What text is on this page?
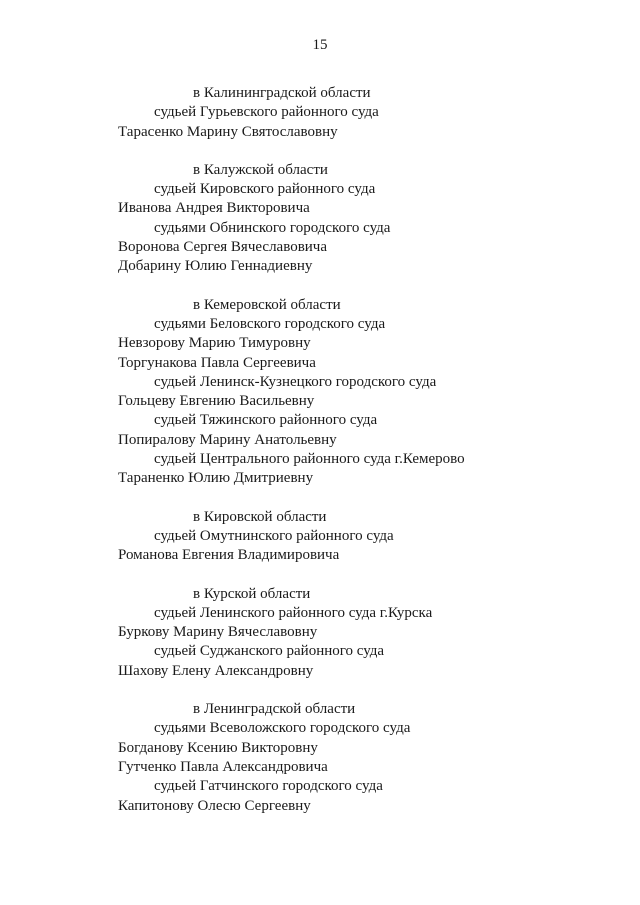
15
в Калининградской области
судьей Гурьевского районного суда
Тарасенко Марину Святославовну
в Калужской области
судьей Кировского районного суда
Иванова Андрея Викторовича
судьями Обнинского городского суда
Воронова Сергея Вячеславовича
Добарину Юлию Геннадиевну
в Кемеровской области
судьями Беловского городского суда
Невзорову Марию Тимуровну
Торгунакова Павла Сергеевича
судьей Ленинск-Кузнецкого городского суда
Гольцеву Евгению Васильевну
судьей Тяжинского районного суда
Попиралову Марину Анатольевну
судьей Центрального районного суда г.Кемерово
Тараненко Юлию Дмитриевну
в Кировской области
судьей Омутнинского районного суда
Романова Евгения Владимировича
в Курской области
судьей Ленинского районного суда г.Курска
Буркову Марину Вячеславовну
судьей Суджанского районного суда
Шахову Елену Александровну
в Ленинградской области
судьями Всеволожского городского суда
Богданову Ксению Викторовну
Гутченко Павла Александровича
судьей Гатчинского городского суда
Капитонову Олесю Сергеевну
